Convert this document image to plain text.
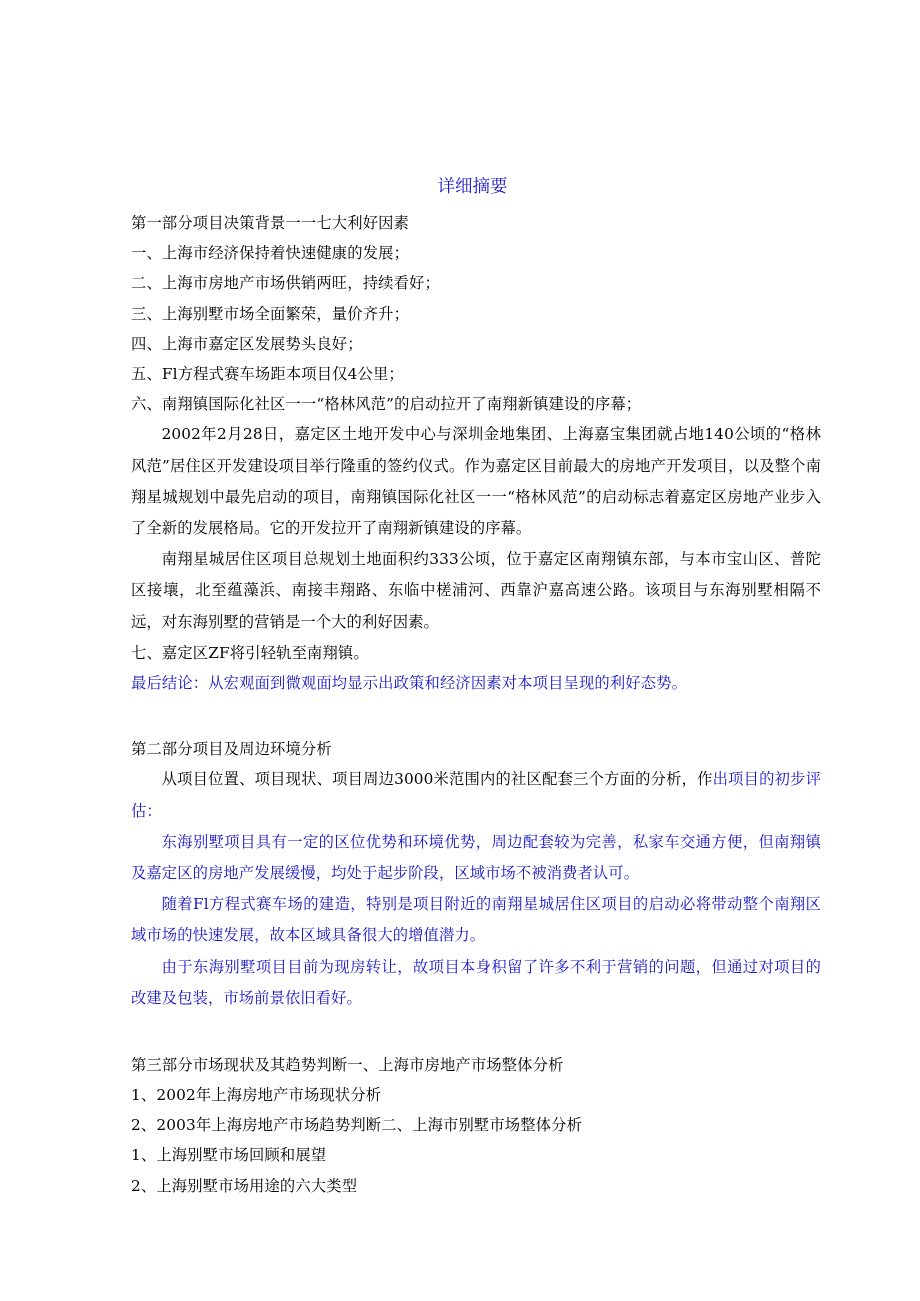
详细摘要
第一部分项目决策背景一一七大利好因素
一、上海市经济保持着快速健康的发展；
二、上海市房地产市场供销两旺，持续看好；
三、上海别墅市场全面繁荣，量价齐升；
四、上海市嘉定区发展势头良好；
五、Fl方程式赛车场距本项目仅4公里；
六、南翔镇国际化社区一一“格林风范”的启动拉开了南翔新镇建设的序幕；
2002年2月28日，嘉定区土地开发中心与深圳金地集团、上海嘉宝集团就占地140公顷的“格林风范”居住区开发建设项目举行隆重的签约仪式。作为嘉定区目前最大的房地产开发项目，以及整个南翔星城规划中最先启动的项目，南翔镇国际化社区一一“格林风范”的启动标志着嘉定区房地产业步入了全新的发展格局。它的开发拉开了南翔新镇建设的序幕。
南翔星城居住区项目总规划土地面积约333公顷，位于嘉定区南翔镇东部，与本市宝山区、普陀区接壤，北至蕴藻浜、南接丰翔路、东临中槎浦河、西靠沪嘉高速公路。该项目与东海别墅相隔不远，对东海别墅的营销是一个大的利好因素。
七、嘉定区ZF将引轻轨至南翔镇。
最后结论：从宏观面到微观面均显示出政策和经济因素对本项目呈现的利好态势。
第二部分项目及周边环境分析
从项目位置、项目现状、项目周边3000米范围内的社区配套三个方面的分析，作出项目的初步评估：
东海别墅项目具有一定的区位优势和环境优势，周边配套较为完善，私家车交通方便，但南翔镇及嘉定区的房地产发展缓慢，均处于起步阶段，区域市场不被消费者认可。
随着Fl方程式赛车场的建造，特别是项目附近的南翔星城居住区项目的启动必将带动整个南翔区域市场的快速发展，故本区域具备很大的增值潜力。
由于东海别墅项目目前为现房转让，故项目本身积留了许多不利于营销的问题，但通过对项目的改建及包装，市场前景依旧看好。
第三部分市场现状及其趋势判断一、上海市房地产市场整体分析
1、2002年上海房地产市场现状分析
2、2003年上海房地产市场趋势判断二、上海市别墅市场整体分析
1、上海别墅市场回顾和展望
2、上海别墅市场用途的六大类型
